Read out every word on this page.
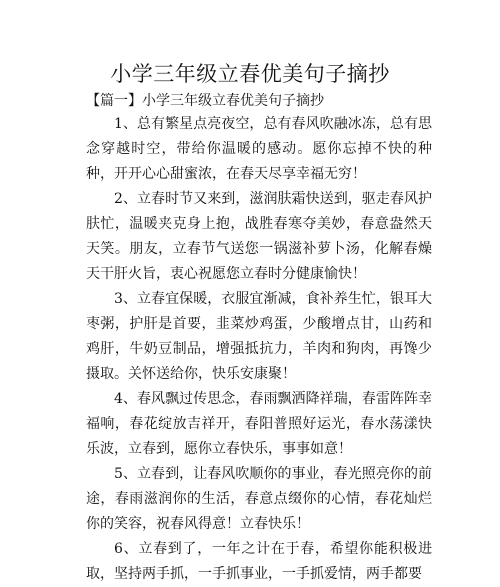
小学三年级立春优美句子摘抄
【篇一】小学三年级立春优美句子摘抄

1、总有繁星点亮夜空，总有春风吹融冰冻，总有思念穿越时空，带给你温暖的感动。愿你忘掉不快的种种，开开心心甜蜜浓，在春天尽享幸福无穷！

2、立春时节又来到，滋润肤霜快送到，驱走春风护肤忙，温暖夹克身上抱，战胜春寒夺美妙，春意盎然天天笑。朋友，立春节气送您一锅滋补萝卜汤，化解春燥天干肝火旨，衷心祝愿您立春时分健康愉快！

3、立春宜保暖，衣服宜渐减，食补养生忙，银耳大枣粥，护肝是首要，韭菜炒鸡蛋，少酸增点甘，山药和鸡肝，牛奶豆制品，增强抵抗力，羊肉和狗肉，再馋少摄取。关怀送给你，快乐安康聚！

4、春风飘过传思念，春雨飘洒降祥瑞，春雷阵阵幸福响，春花绽放吉祥开，春阳普照好运光，春水荡漾快乐波，立春到，愿你立春快乐，事事如意！

5、立春到，让春风吹顺你的事业，春光照亮你的前途，春雨滋润你的生活，春意点缀你的心情，春花灿烂你的笑容，祝春风得意！立春快乐！

6、立春到了，一年之计在于春，希望你能积极进取，坚持两手抓，一手抓事业，一手抓爱情，两手都要
